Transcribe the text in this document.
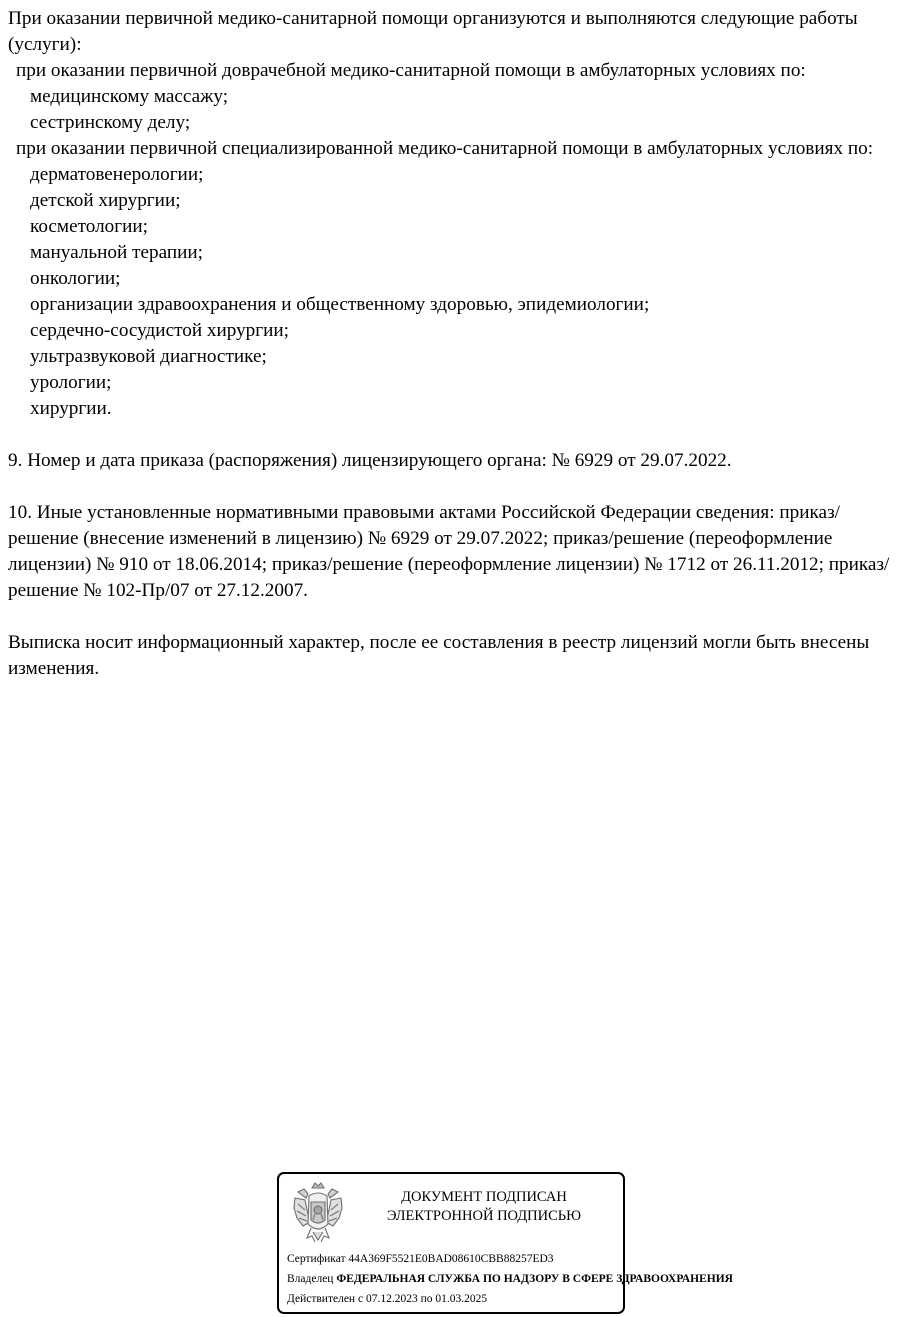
При оказании первичной медико-санитарной помощи организуются и выполняются следующие работы (услуги):

при оказании первичной доврачебной медико-санитарной помощи в амбулаторных условиях по:

медицинскому массажу;

сестринскому делу;

при оказании первичной специализированной медико-санитарной помощи в амбулаторных условиях по:

дерматовенерологии;

детской хирургии;

косметологии;

мануальной терапии;

онкологии;

организации здравоохранения и общественному здоровью, эпидемиологии;

сердечно-сосудистой хирургии;

ультразвуковой диагностике;

урологии;

хирургии.

9. Номер и дата приказа (распоряжения) лицензирующего органа: № 6929 от 29.07.2022.

10. Иные установленные нормативными правовыми актами Российской Федерации сведения: приказ/решение (внесение изменений в лицензию) № 6929 от 29.07.2022; приказ/решение (переоформление лицензии) № 910 от 18.06.2014; приказ/решение (переоформление лицензии) № 1712 от 26.11.2012; приказ/решение № 102-Пр/07 от 27.12.2007.

Выписка носит информационный характер, после ее составления в реестр лицензий могли быть внесены изменения.

ДОКУМЕНТ ПОДПИСАН
ЭЛЕКТРОННОЙ ПОДПИСЬЮ
Сертификат 44A369F5521E0BAD08610CBB88257ED3
Владелец ФЕДЕРАЛЬНАЯ СЛУЖБА ПО НАДЗОРУ В СФЕРЕ ЗДРАВООХРАНЕНИЯ
Действителен с 07.12.2023 по 01.03.2025
